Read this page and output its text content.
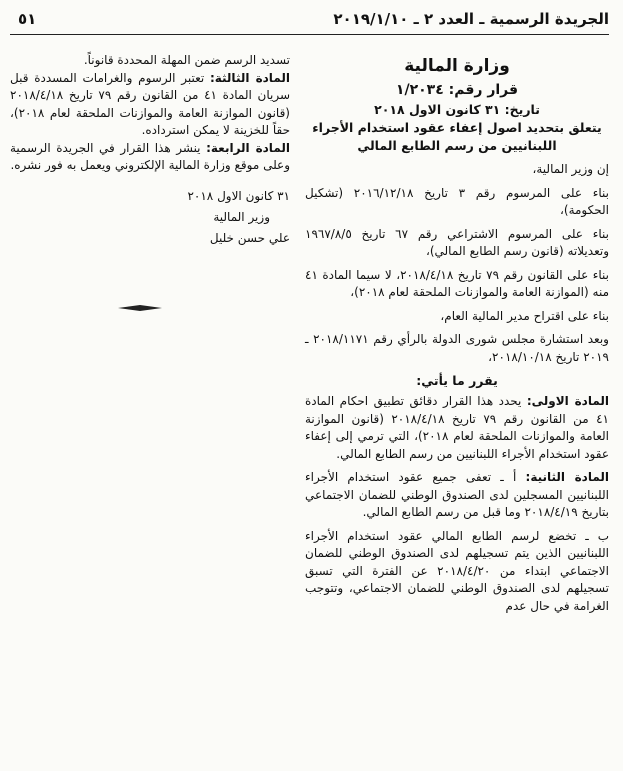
الجريدة الرسمية ـ العدد ٢ ـ ٢٠١٩/١/١٠
٥١
وزارة المالية
قرار رقم: ١/٢٠٣٤
تاريخ: ٣١ كانون الاول ٢٠١٨
يتعلق بتحديد اصول إعفاء عقود استخدام الأجراء اللبنانيين من رسم الطابع المالي

إن وزير المالية،

بناء على المرسوم رقم ٣ تاريخ ٢٠١٦/١٢/١٨ (تشكيل الحكومة)،

بناء على المرسوم الاشتراعي رقم ٦٧ تاريخ ١٩٦٧/٨/٥ وتعديلاته (قانون رسم الطابع المالي)،

بناء على القانون رقم ٧٩ تاريخ ٢٠١٨/٤/١٨، لا سيما المادة ٤١ منه (الموازنة العامة والموازنات الملحقة لعام ٢٠١٨)،

بناء على اقتراح مدير المالية العام،

وبعد استشارة مجلس شورى الدولة بالرأي رقم ٢٠١٨/١١٧١ ـ ٢٠١٩ تاريخ ٢٠١٨/١٠/١٨،

يقرر ما يأتي:

المادة الاولى: يحدد هذا القرار دقائق تطبيق احكام المادة ٤١ من القانون رقم ٧٩ تاريخ ٢٠١٨/٤/١٨ (قانون الموازنة العامة والموازنات الملحقة لعام ٢٠١٨)، التي ترمي إلى إعفاء عقود استخدام الأجراء اللبنانيين من رسم الطابع المالي.

المادة الثانية: أ ـ تعفى جميع عقود استخدام الأجراء اللبنانيين المسجلين لدى الصندوق الوطني للضمان الاجتماعي بتاريخ ٢٠١٨/٤/١٩ وما قبل من رسم الطابع المالي.

ب ـ تخضع لرسم الطابع المالي عقود استخدام الأجراء اللبنانيين الذين يتم تسجيلهم لدى الصندوق الوطني للضمان الاجتماعي ابتداء من ٢٠١٨/٤/٢٠ عن الفترة التي تسبق تسجيلهم لدى الصندوق الوطني للضمان الاجتماعي، وتتوجب الغرامة في حال عدم

تسديد الرسم ضمن المهلة المحددة قانوناً.

المادة الثالثة: تعتبر الرسوم والغرامات المسددة قبل سريان المادة ٤١ من القانون رقم ٧٩ تاريخ ٢٠١٨/٤/١٨ (قانون الموازنة العامة والموازنات الملحقة لعام ٢٠١٨)، حقاً للخزينة لا يمكن استرداده.

المادة الرابعة: ينشر هذا القرار في الجريدة الرسمية وعلى موقع وزارة المالية الإلكتروني ويعمل به فور نشره.

٣١ كانون الاول ٢٠١٨
وزير المالية
علي حسن خليل
